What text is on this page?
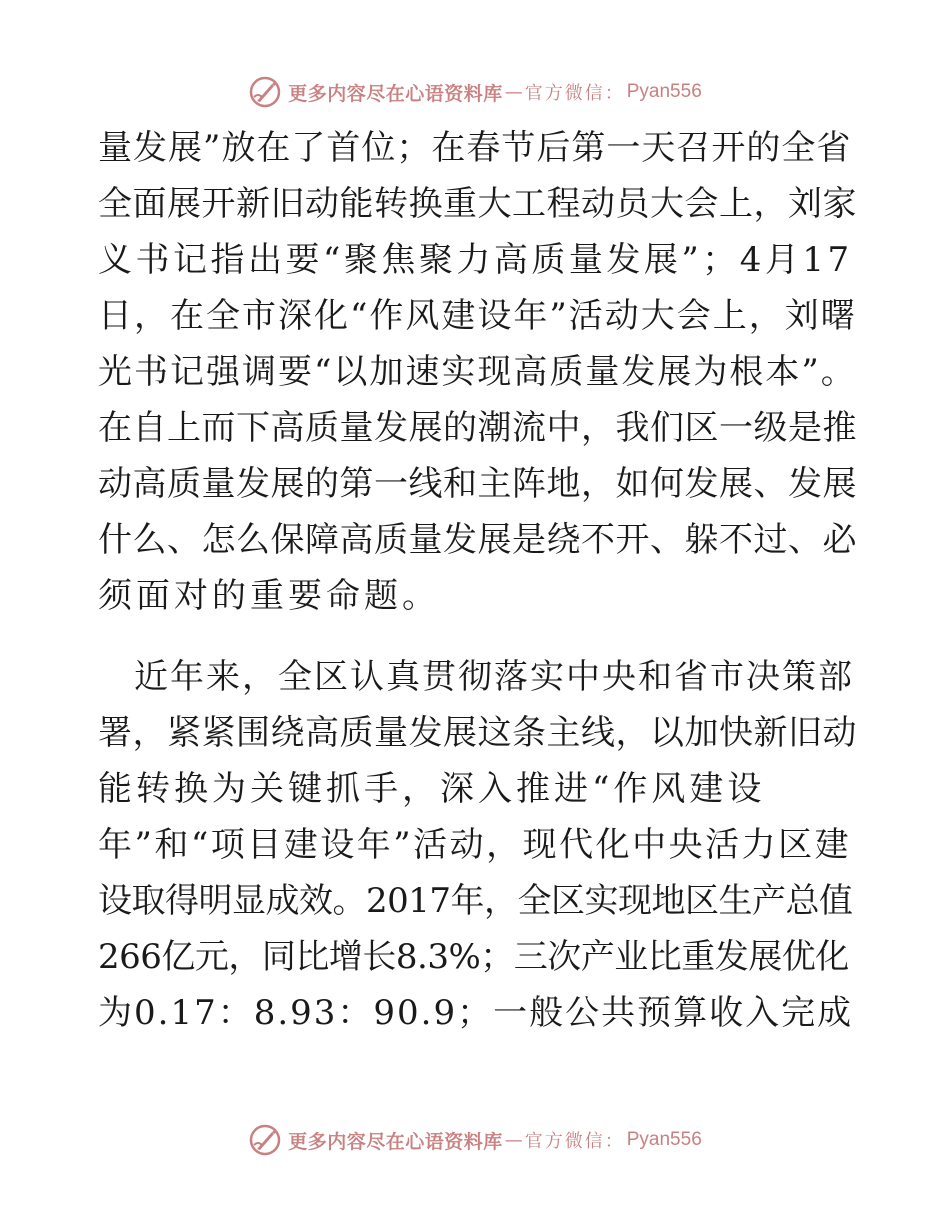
更多内容尽在心语资料库 — 官方微信： Pyan556
量发展”放在了首位；在春节后第一天召开的全省
全面展开新旧动能转换重大工程动员大会上，刘家
义书记指出要“聚焦聚力高质量发展”；4月17
日，在全市深化“作风建设年”活动大会上，刘曙
光书记强调要“以加速实现高质量发展为根本”。
在自上而下高质量发展的潮流中，我们区一级是推
动高质量发展的第一线和主阵地，如何发展、发展
什么、怎么保障高质量发展是绕不开、躲不过、必
须面对的重要命题。
　近年来，全区认真贯彻落实中央和省市决策部
署，紧紧围绕高质量发展这条主线，以加快新旧动
能转换为关键抓手，深入推进“作风建设
年”和“项目建设年”活动，现代化中央活力区建
设取得明显成效。2017年，全区实现地区生产总值
266亿元，同比增长8.3%；三次产业比重发展优化
为0.17：8.93：90.9；一般公共预算收入完成
更多内容尽在心语资料库 — 官方微信： Pyan556
